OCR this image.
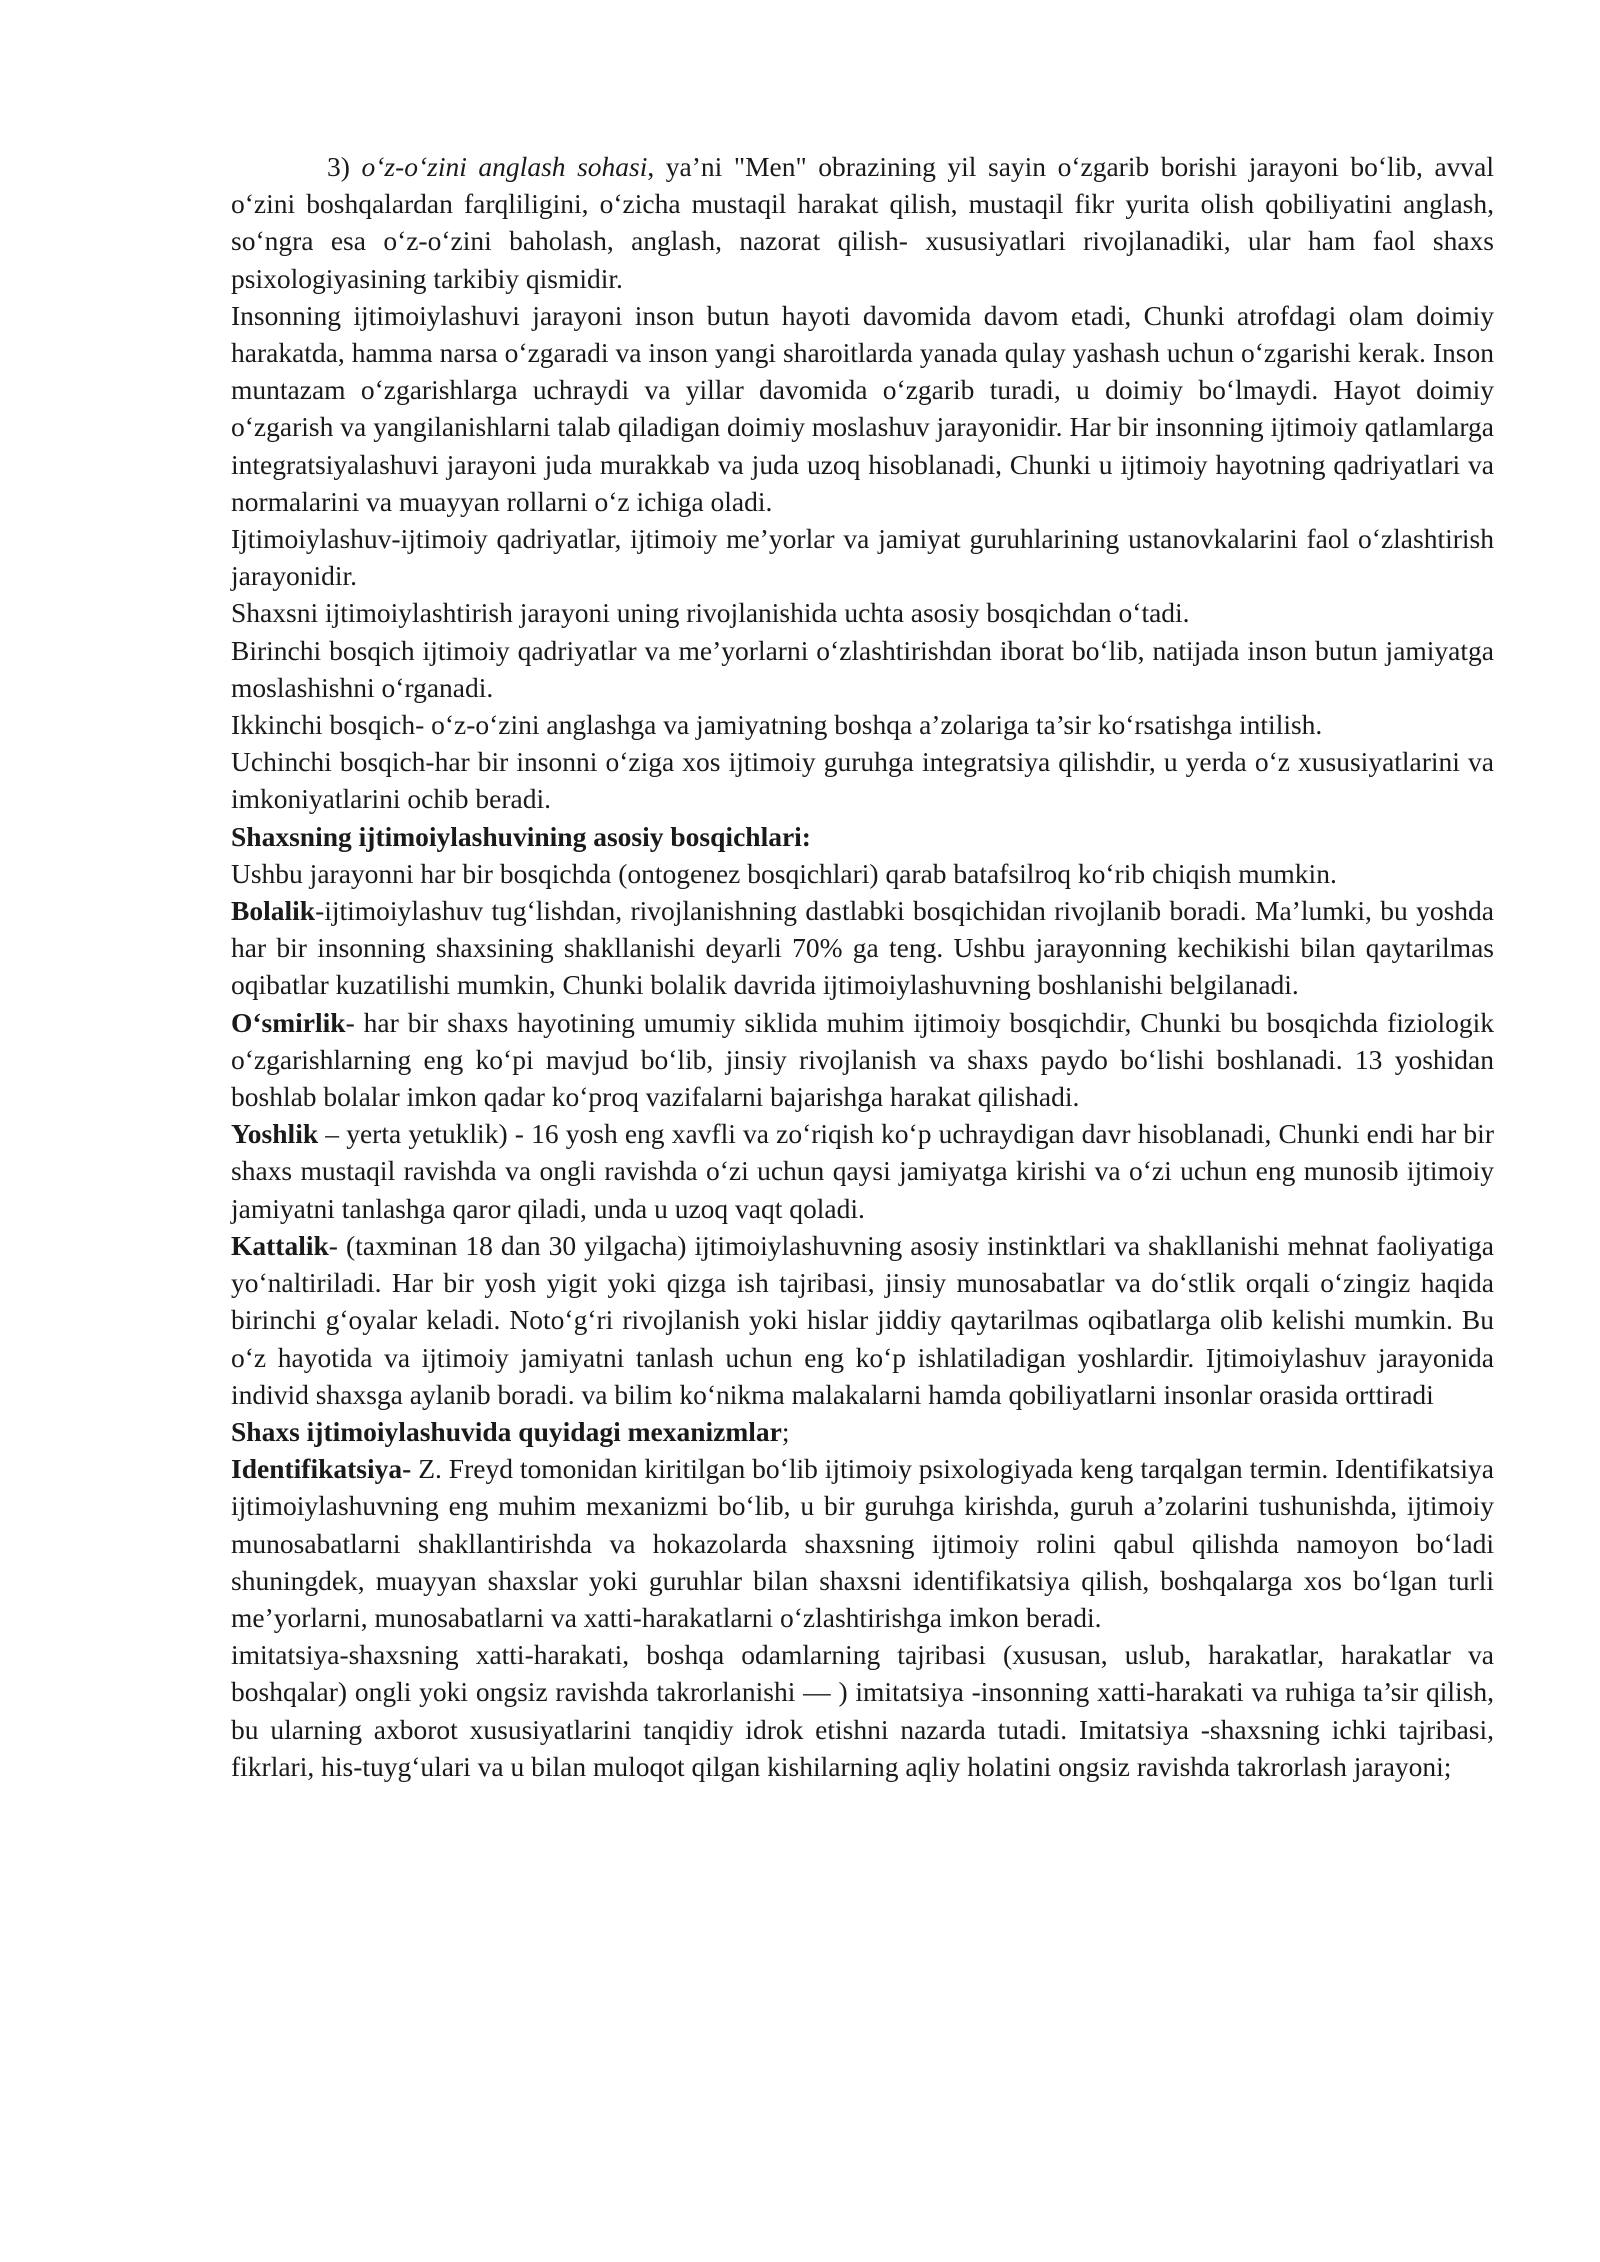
3) o‘z-o‘zini anglash sohasi, ya’ni "Men" obrazining yil sayin o‘zgarib borishi jarayoni bo‘lib, avval o‘zini boshqalardan farqliligini, o‘zicha mustaqil harakat qilish, mustaqil fikr yurita olish qobiliyatini anglash, so‘ngra esa o‘z-o‘zini baholash, anglash, nazorat qilish- xususiyatlari rivojlanadiki, ular ham faol shaxs psixologiyasining tarkibiy qismidir.

Insonning ijtimoiylashuvi jarayoni inson butun hayoti davomida davom etadi, Chunki atrofdagi olam doimiy harakatda, hamma narsa o‘zgaradi va inson yangi sharoitlarda yanada qulay yashash uchun o‘zgarishi kerak. Inson muntazam o‘zgarishlarga uchraydi va yillar davomida o‘zgarib turadi, u doimiy bo‘lmaydi. Hayot doimiy o‘zgarish va yangilanishlarni talab qiladigan doimiy moslashuv jarayonidir. Har bir insonning ijtimoiy qatlamlarga integratsiyalashuvi jarayoni juda murakkab va juda uzoq hisoblanadi, Chunki u ijtimoiy hayotning qadriyatlari va normalarini va muayyan rollarni o‘z ichiga oladi.

Ijtimoiylashuv-ijtimoiy qadriyatlar, ijtimoiy me’yorlar va jamiyat guruhlarining ustanovkalarini faol o‘zlashtirish jarayonidir.

Shaxsni ijtimoiylashtirish jarayoni uning rivojlanishida uchta asosiy bosqichdan o‘tadi.

Birinchi bosqich ijtimoiy qadriyatlar va me’yorlarni o‘zlashtirishdan iborat bo‘lib, natijada inson butun jamiyatga moslashishni o‘rganadi.

Ikkinchi bosqich- o‘z-o‘zini anglashga va jamiyatning boshqa a’zolariga ta’sir ko‘rsatishga intilish.

Uchinchi bosqich-har bir insonni o‘ziga xos ijtimoiy guruhga integratsiya qilishdir, u yerda o‘z xususiyatlarini va imkoniyatlarini ochib beradi.

Shaxsning ijtimoiylashuvining asosiy bosqichlari:

Ushbu jarayonni har bir bosqichda (ontogenez bosqichlari) qarab batafsilroq ko‘rib chiqish mumkin.

Bolalik-ijtimoiylashuv tug‘lishdan, rivojlanishning dastlabki bosqichidan rivojlanib boradi. Ma’lumki, bu yoshda har bir insonning shaxsining shakllanishi deyarli 70% ga teng. Ushbu jarayonning kechikishi bilan qaytarilmas oqibatlar kuzatilishi mumkin, Chunki bolalik davrida ijtimoiylashuvning boshlanishi belgilanadi.

O‘smirlik- har bir shaxs hayotining umumiy siklida muhim ijtimoiy bosqichdir, Chunki bu bosqichda fiziologik o‘zgarishlarning eng ko‘pi mavjud bo‘lib, jinsiy rivojlanish va shaxs paydo bo‘lishi boshlanadi. 13 yoshidan boshlab bolalar imkon qadar ko‘proq vazifalarni bajarishga harakat qilishadi.

Yoshlik – yerta yetuklik) - 16 yosh eng xavfli va zo‘riqish ko‘p uchraydigan davr hisoblanadi, Chunki endi har bir shaxs mustaqil ravishda va ongli ravishda o‘zi uchun qaysi jamiyatga kirishi va o‘zi uchun eng munosib ijtimoiy jamiyatni tanlashga qaror qiladi, unda u uzoq vaqt qoladi.

Kattalik- (taxminan 18 dan 30 yilgacha) ijtimoiylashuvning asosiy instinktlari va shakllanishi mehnat faoliyatiga yo‘naltiriladi. Har bir yosh yigit yoki qizga ish tajribasi, jinsiy munosabatlar va do‘stlik orqali o‘zingiz haqida birinchi g‘oyalar keladi. Noto‘g‘ri rivojlanish yoki hislar jiddiy qaytarilmas oqibatlarga olib kelishi mumkin. Bu o‘z hayotida va ijtimoiy jamiyatni tanlash uchun eng ko‘p ishlatiladigan yoshlardir. Ijtimoiylashuv jarayonida individ shaxsga aylanib boradi. va bilim ko‘nikma malakalarni hamda qobiliyatlarni insonlar orasida orttiradi

Shaxs ijtimoiylashuvida quyidagi mexanizmlar;

Identifikatsiya- Z. Freyd tomonidan kiritilgan bo‘lib ijtimoiy psixologiyada keng tarqalgan termin. Identifikatsiya ijtimoiylashuvning eng muhim mexanizmi bo‘lib, u bir guruhga kirishda, guruh a’zolarini tushunishda, ijtimoiy munosabatlarni shakllantirishda va hokazolarda shaxsning ijtimoiy rolini qabul qilishda namoyon bo‘ladi shuningdek, muayyan shaxslar yoki guruhlar bilan shaxsni identifikatsiya qilish, boshqalarga xos bo‘lgan turli me’yorlarni, munosabatlarni va xatti-harakatlarni o‘zlashtirishga imkon beradi.

imitatsiya-shaxsning xatti-harakati, boshqa odamlarning tajribasi (xususan, uslub, harakatlar, harakatlar va boshqalar) ongli yoki ongsiz ravishda takrorlanishi — ) imitatsiya -insonning xatti-harakati va ruhiga ta’sir qilish, bu ularning axborot xususiyatlarini tanqidiy idrok etishni nazarda tutadi. Imitatsiya -shaxsning ichki tajribasi, fikrlari, his-tuyg‘ulari va u bilan muloqot qilgan kishilarning aqliy holatini ongsiz ravishda takrorlash jarayoni;
